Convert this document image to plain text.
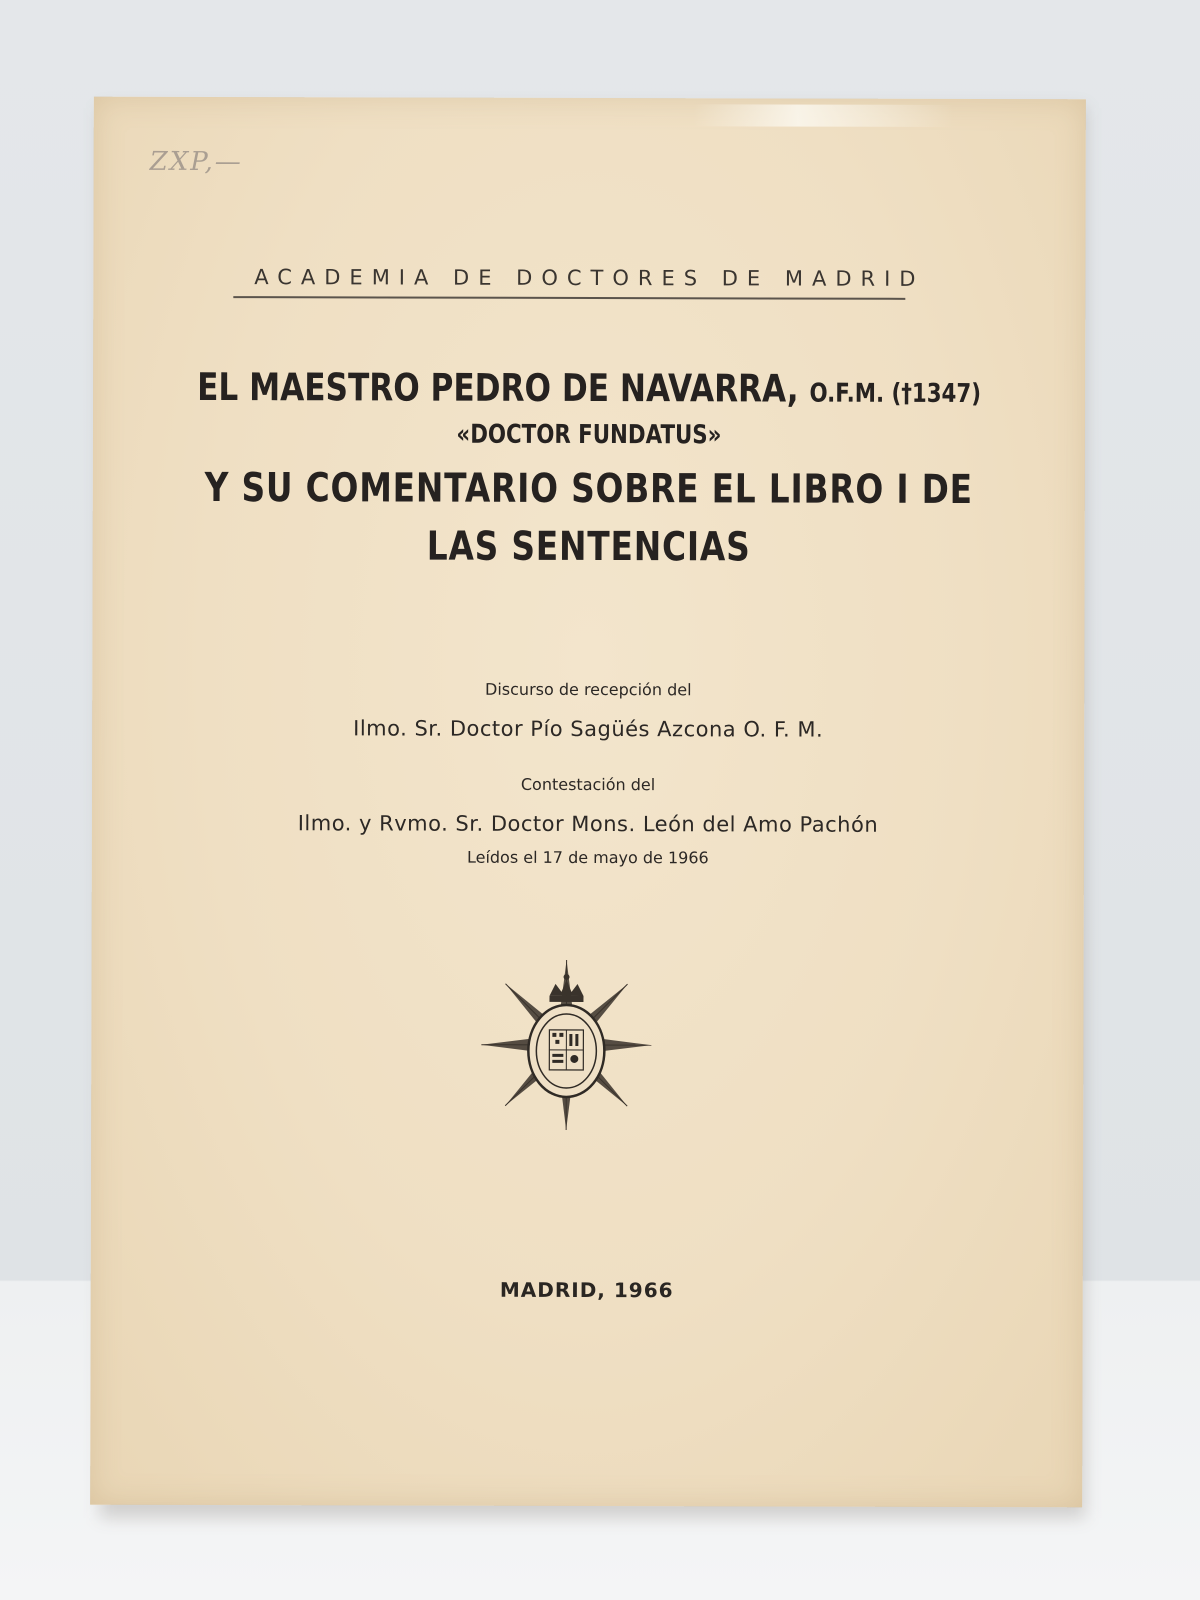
ZXP,—
ACADEMIA DE DOCTORES DE MADRID
EL MAESTRO PEDRO DE NAVARRA, O.F.M. (†1347)
«DOCTOR FUNDATUS»
Y SU COMENTARIO SOBRE EL LIBRO I DE
LAS SENTENCIAS
Discurso de recepción del
Ilmo. Sr. Doctor Pío Sagüés Azcona O. F. M.
Contestación del
Ilmo. y Rvmo. Sr. Doctor Mons. León del Amo Pachón
Leídos el 17 de mayo de 1966
MADRID, 1966
